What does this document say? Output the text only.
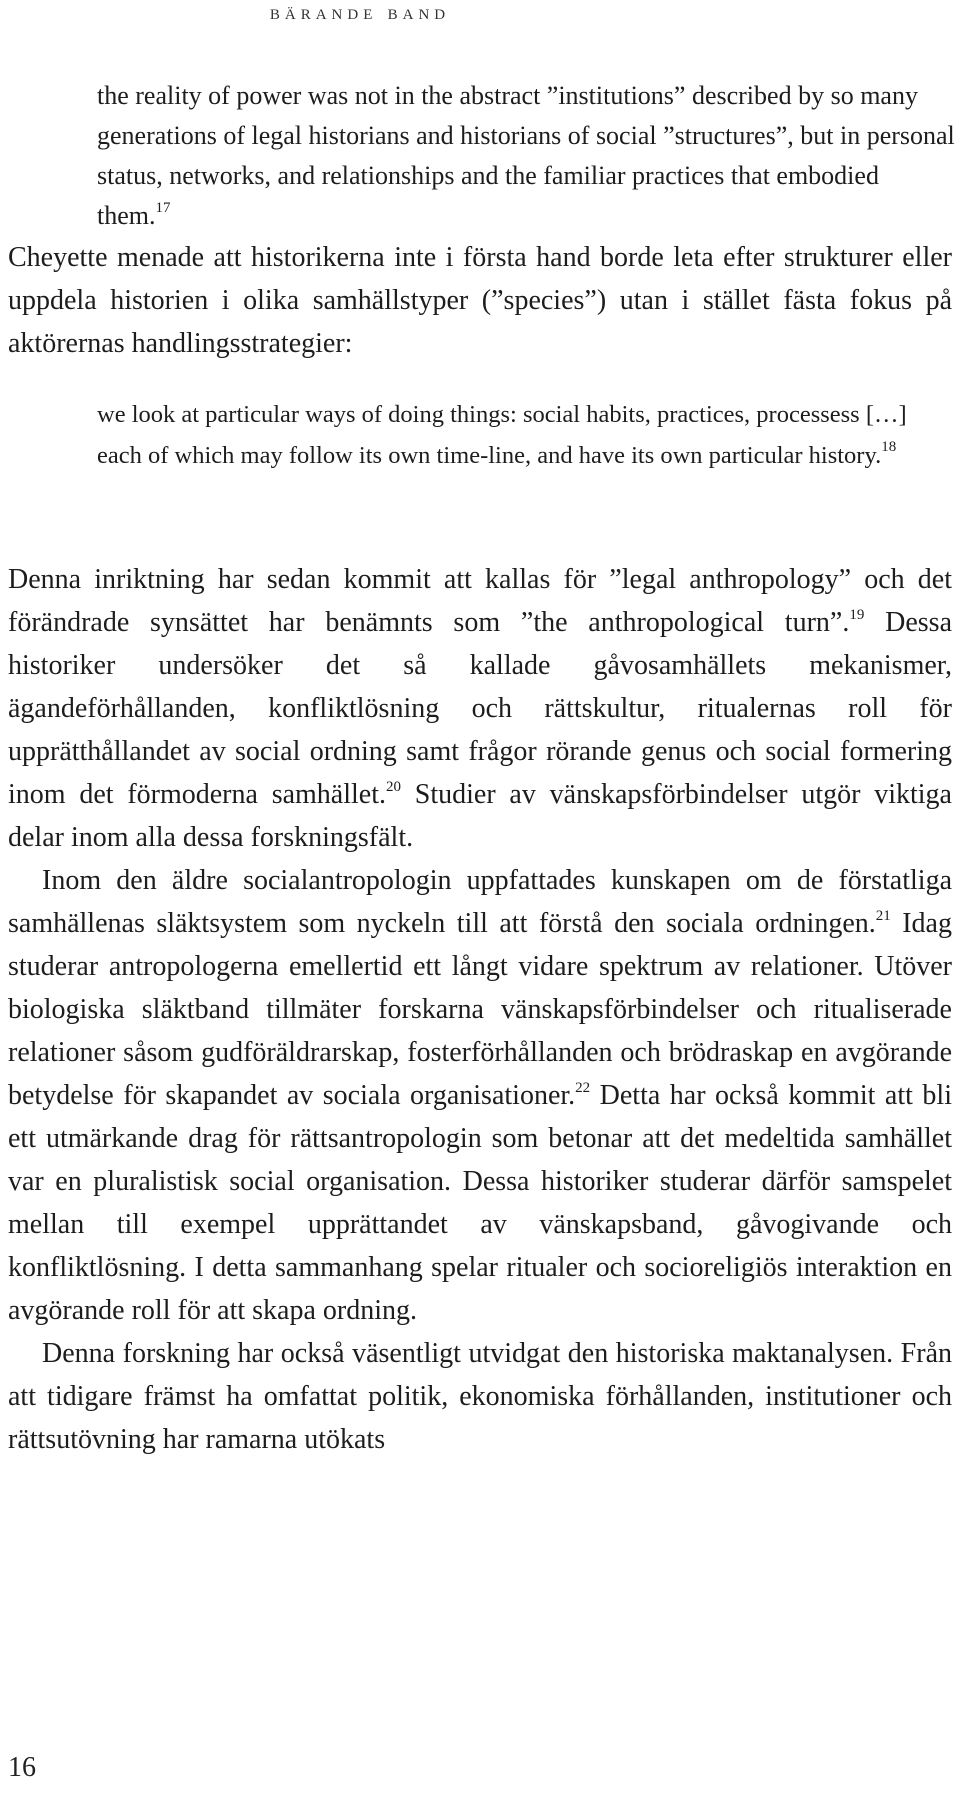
bärande band
the reality of power was not in the abstract ”institutions” described by so many generations of legal historians and historians of social ”structures”, but in personal status, networks, and relationships and the familiar practices that embodied them.$^{17}$

Cheyette menade att historikerna inte i första hand borde leta efter strukturer eller uppdela historien i olika samhällstyper (”species”) utan i stället fästa fokus på aktörernas handlingsstrategier:

we look at particular ways of doing things: social habits, practices, processess […] each of which may follow its own time-line, and have its own particular history.$^{18}$

Denna inriktning har sedan kommit att kallas för ”legal anthropology” och det förändrade synsättet har benämnts som ”the anthropological turn”.$^{19}$ Dessa historiker undersöker det så kallade gåvosamhällets mekanismer, ägandeförhållanden, konfliktlösning och rättskultur, ritualernas roll för upprätthållandet av social ordning samt frågor rörande genus och social formering inom det förmoderna samhället.$^{20}$ Studier av vänskapsförbindelser utgör viktiga delar inom alla dessa forskningsfält.

Inom den äldre socialantropologin uppfattades kunskapen om de förstatliga samhällenas släktsystem som nyckeln till att förstå den sociala ordningen.$^{21}$ Idag studerar antropologerna emellertid ett långt vidare spektrum av relationer. Utöver biologiska släktband tillmäter forskarna vänskapsförbindelser och ritualiserade relationer såsom gudföräldrarskap, fosterförhållanden och brödraskap en avgörande betydelse för skapandet av sociala organisationer.$^{22}$ Detta har också kommit att bli ett utmärkande drag för rättsantropologin som betonar att det medeltida samhället var en pluralistisk social organisation. Dessa historiker studerar därför samspelet mellan till exempel upprättandet av vänskapsband, gåvogivande och konfliktlösning. I detta sammanhang spelar ritualer och socioreligiös interaktion en avgörande roll för att skapa ordning.

Denna forskning har också väsentligt utvidgat den historiska maktanalysen. Från att tidigare främst ha omfattat politik, ekonomiska förhållanden, institutioner och rättsutövning har ramarna utökats

16
